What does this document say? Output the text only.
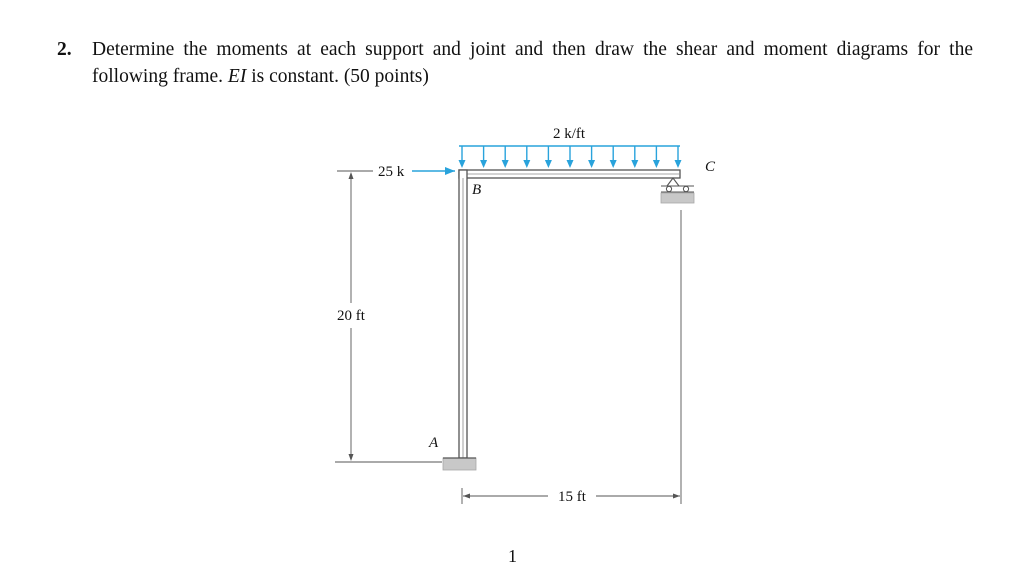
2. Determine the moments at each support and joint and then draw the shear and moment diagrams for the following frame. EI is constant. (50 points)
2 k/ft
25 k
20 ft
15 ft
B
A
C
1
